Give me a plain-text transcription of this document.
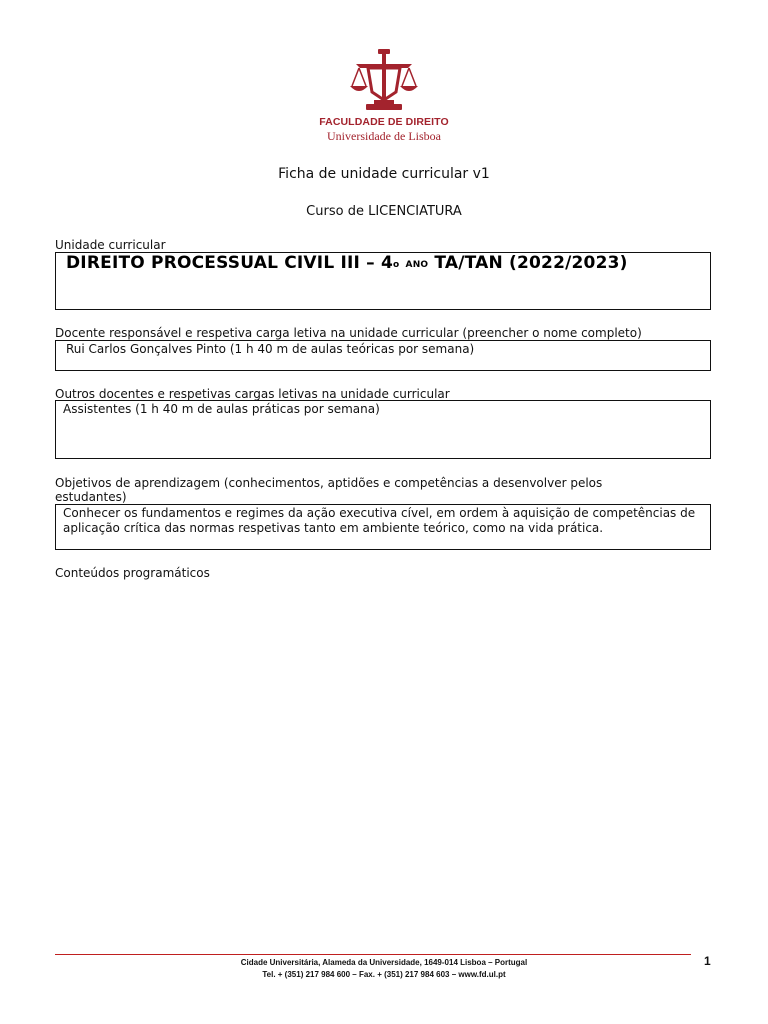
FACULDADE DE DIREITO
Universidade de Lisboa
Ficha de unidade curricular v1
Curso de LICENCIATURA
Unidade curricular
DIREITO PROCESSUAL CIVIL III – 4o ANO TA/TAN (2022/2023)
Docente responsável e respetiva carga letiva na unidade curricular (preencher o nome completo)
Rui Carlos Gonçalves Pinto (1 h 40 m de aulas teóricas por semana)
Outros docentes e respetivas cargas letivas na unidade curricular
Assistentes (1 h 40 m de aulas práticas por semana)
Objetivos de aprendizagem (conhecimentos, aptidões e competências a desenvolver pelos
estudantes)
Conhecer os fundamentos e regimes da ação executiva cível, em ordem à aquisição de competências de aplicação crítica das normas respetivas tanto em ambiente teórico, como na vida prática.
Conteúdos programáticos
Cidade Universitária, Alameda da Universidade, 1649-014 Lisboa – Portugal
Tel. + (351) 217 984 600 – Fax. + (351) 217 984 603 – www.fd.ul.pt
1
